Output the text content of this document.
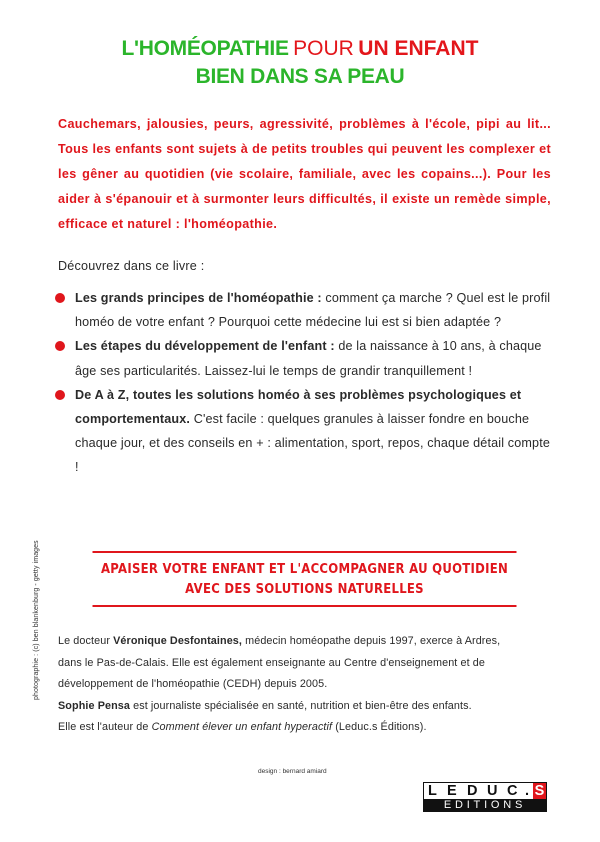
L'HOMÉOPATHIE POUR UN ENFANT
BIEN DANS SA PEAU

Cauchemars, jalousies, peurs, agressivité, problèmes à l'école, pipi au lit... Tous les enfants sont sujets à de petits troubles qui peuvent les complexer et les gêner au quotidien (vie scolaire, familiale, avec les copains...). Pour les aider à s'épanouir et à surmonter leurs difficultés, il existe un remède simple, efficace et naturel : l'homéopathie.

Découvrez dans ce livre :

Les grands principes de l'homéopathie : comment ça marche ? Quel est le profil homéo de votre enfant ? Pourquoi cette médecine lui est si bien adaptée ?
Les étapes du développement de l'enfant : de la naissance à 10 ans, à chaque âge ses particularités. Laissez-lui le temps de grandir tranquillement !
De A à Z, toutes les solutions homéo à ses problèmes psychologiques et comportementaux. C'est facile : quelques granules à laisser fondre en bouche chaque jour, et des conseils en + : alimentation, sport, repos, chaque détail compte !
APAISER VOTRE ENFANT ET L'ACCOMPAGNER AU QUOTIDIEN
AVEC DES SOLUTIONS NATURELLES

Le docteur Véronique Desfontaines, médecin homéopathe depuis 1997, exerce à Ardres,

dans le Pas-de-Calais. Elle est également enseignante au Centre d'enseignement et de

développement de l'homéopathie (CEDH) depuis 2005.

Sophie Pensa est journaliste spécialisée en santé, nutrition et bien-être des enfants.

Elle est l'auteur de Comment élever un enfant hyperactif (Leduc.s Éditions).

photographie : (c) ben blankenburg - getty images
design : bernard amiard
L E D U C . S
EDITIONS
